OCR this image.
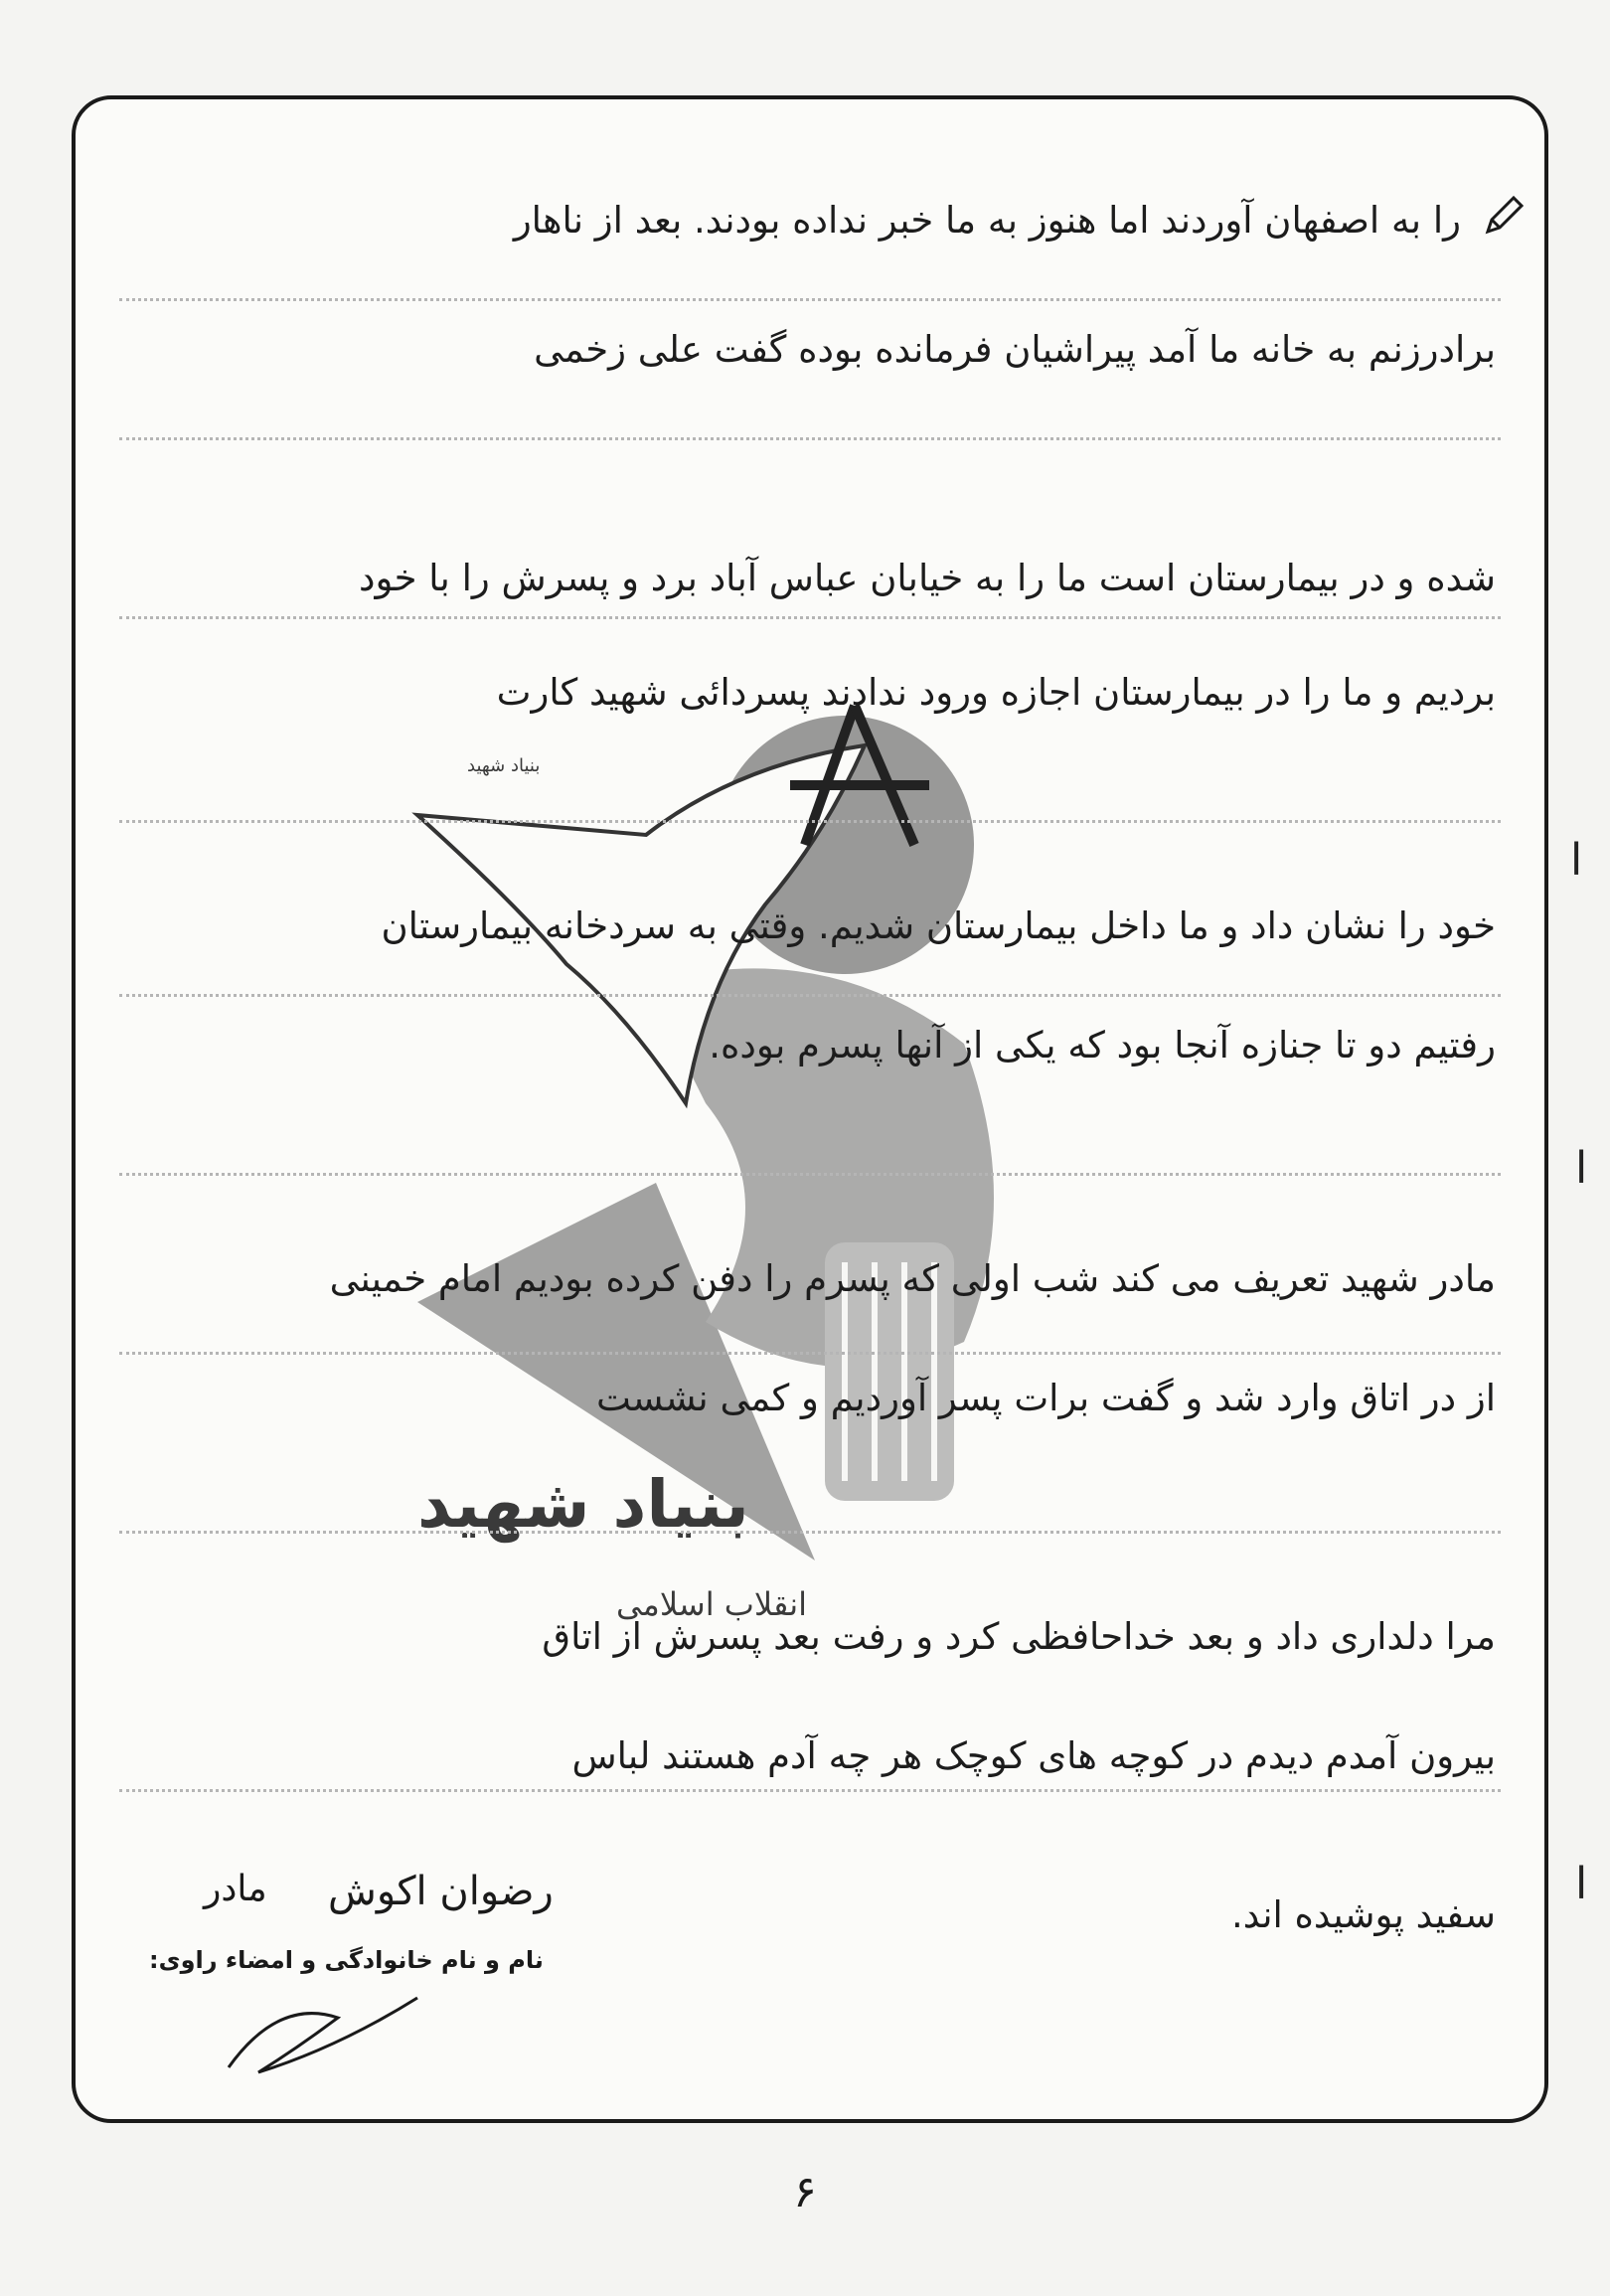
بنیاد شهید
بنیاد شهید
انقلاب اسلامی
را به اصفهان آوردند اما هنوز به ما خبر نداده بودند. بعد از ناهار
برادرزنم به خانه ما آمد پیراشیان فرمانده بوده گفت علی زخمی
شده و در بیمارستان است ما را به خیابان عباس آباد برد و پسرش را با خود
بردیم و ما را در بیمارستان اجازه ورود ندادند پسردائی شهید کارت
خود را نشان داد و ما داخل بیمارستان شدیم. وقتی به سردخانه بیمارستان
رفتیم دو تا جنازه آنجا بود که یکی از آنها پسرم بوده.
مادر شهید تعریف می کند شب اولی که پسرم را دفن کرده بودیم امام خمینی
از در اتاق وارد شد و گفت برات پسر آوردیم و کمی نشست
مرا دلداری داد و بعد خداحافظی کرد و رفت بعد پسرش از اتاق
بیرون آمدم دیدم در کوچه های کوچک هر چه آدم هستند لباس
سفید پوشیده اند.
رضوان اکوش
مادر
نام و نام خانوادگی و امضاء راوی:
ا
ا
ا
۶
